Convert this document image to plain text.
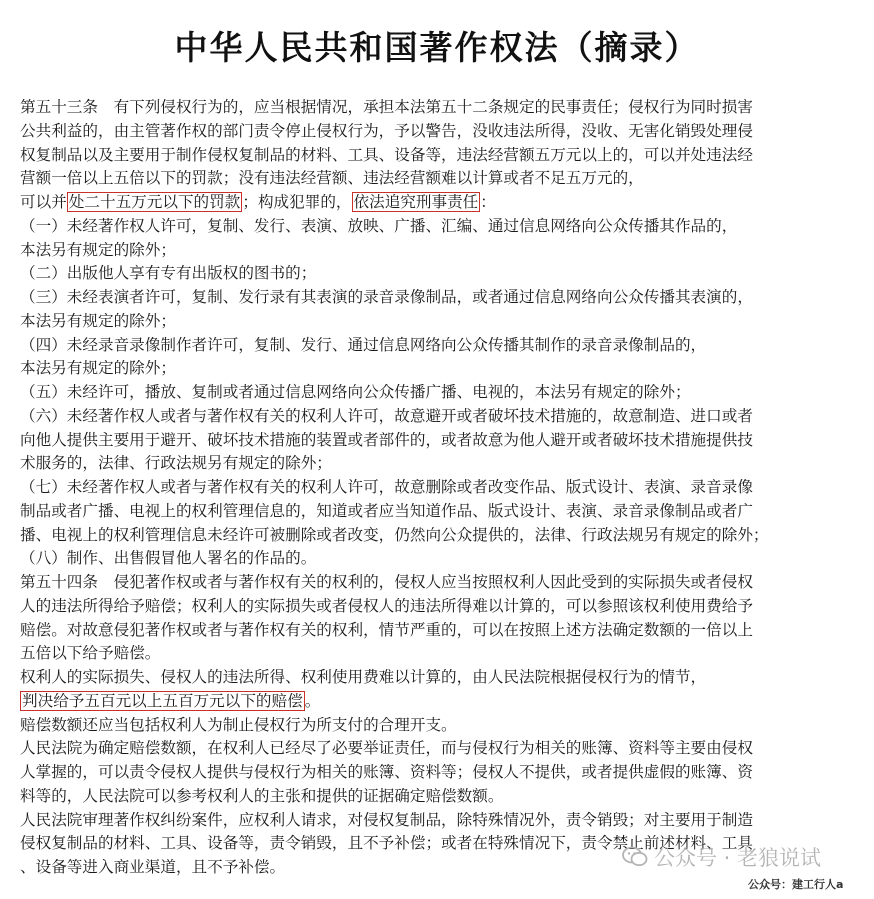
中华人民共和国著作权法（摘录）
第五十三条　有下列侵权行为的，应当根据情况，承担本法第五十二条规定的民事责任；侵权行为同时损害
公共利益的，由主管著作权的部门责令停止侵权行为，予以警告，没收违法所得，没收、无害化销毁处理侵
权复制品以及主要用于制作侵权复制品的材料、工具、设备等，违法经营额五万元以上的，可以并处违法经
营额一倍以上五倍以下的罚款；没有违法经营额、违法经营额难以计算或者不足五万元的，
可以并 处二十五万元以下的罚款 ；构成犯罪的， 依法追究刑事责任 ：
（一）未经著作权人许可，复制、发行、表演、放映、广播、汇编、通过信息网络向公众传播其作品的，
本法另有规定的除外；
（二）出版他人享有专有出版权的图书的；
（三）未经表演者许可，复制、发行录有其表演的录音录像制品，或者通过信息网络向公众传播其表演的，
本法另有规定的除外；
（四）未经录音录像制作者许可，复制、发行、通过信息网络向公众传播其制作的录音录像制品的，
本法另有规定的除外；
（五）未经许可，播放、复制或者通过信息网络向公众传播广播、电视的，本法另有规定的除外；
（六）未经著作权人或者与著作权有关的权利人许可，故意避开或者破坏技术措施的，故意制造、进口或者
向他人提供主要用于避开、破坏技术措施的装置或者部件的，或者故意为他人避开或者破坏技术措施提供技
术服务的，法律、行政法规另有规定的除外；
（七）未经著作权人或者与著作权有关的权利人许可，故意删除或者改变作品、版式设计、表演、录音录像
制品或者广播、电视上的权利管理信息的，知道或者应当知道作品、版式设计、表演、录音录像制品或者广
播、电视上的权利管理信息未经许可被删除或者改变，仍然向公众提供的，法律、行政法规另有规定的除外；
（八）制作、出售假冒他人署名的作品的。
第五十四条　侵犯著作权或者与著作权有关的权利的，侵权人应当按照权利人因此受到的实际损失或者侵权
人的违法所得给予赔偿；权利人的实际损失或者侵权人的违法所得难以计算的，可以参照该权利使用费给予
赔偿。对故意侵犯著作权或者与著作权有关的权利，情节严重的，可以在按照上述方法确定数额的一倍以上
五倍以下给予赔偿。
权利人的实际损失、侵权人的违法所得、权利使用费难以计算的，由人民法院根据侵权行为的情节，
判决给予五百元以上五百万元以下的赔偿 。
赔偿数额还应当包括权利人为制止侵权行为所支付的合理开支。
人民法院为确定赔偿数额，在权利人已经尽了必要举证责任，而与侵权行为相关的账簿、资料等主要由侵权
人掌握的，可以责令侵权人提供与侵权行为相关的账簿、资料等；侵权人不提供，或者提供虚假的账簿、资
料等的，人民法院可以参考权利人的主张和提供的证据确定赔偿数额。
人民法院审理著作权纠纷案件，应权利人请求，对侵权复制品，除特殊情况外，责令销毁；对主要用于制造
侵权复制品的材料、工具、设备等，责令销毁，且不予补偿；或者在特殊情况下，责令禁止前述材料、工具
、设备等进入商业渠道，且不予补偿。	公众号 · 老狼说试
公众号：建工行人a
